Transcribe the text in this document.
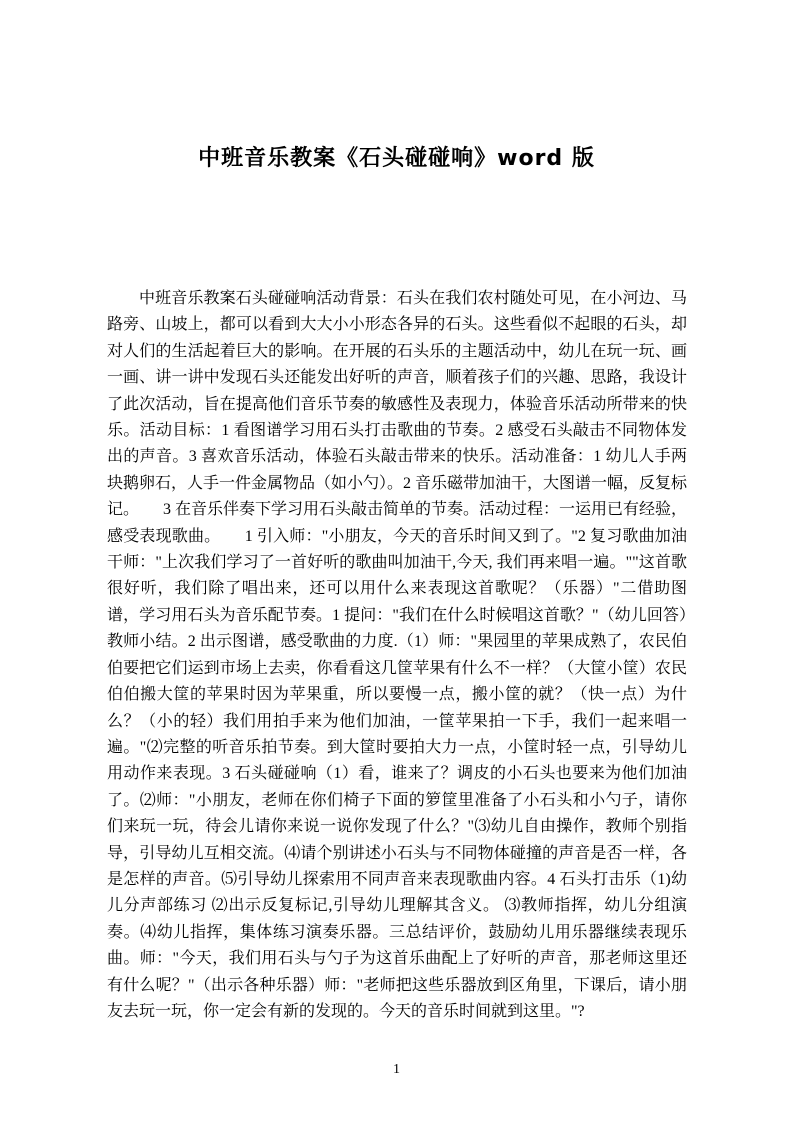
中班音乐教案《石头碰碰响》word 版

中班音乐教案石头碰碰响活动背景：石头在我们农村随处可见，在小河边、马路旁、山坡上，都可以看到大大小小形态各异的石头。这些看似不起眼的石头，却对人们的生活起着巨大的影响。在开展的石头乐的主题活动中，幼儿在玩一玩、画一画、讲一讲中发现石头还能发出好听的声音，顺着孩子们的兴趣、思路，我设计了此次活动，旨在提高他们音乐节奏的敏感性及表现力，体验音乐活动所带来的快乐。活动目标：1 看图谱学习用石头打击歌曲的节奏。2 感受石头敲击不同物体发出的声音。3 喜欢音乐活动，体验石头敲击带来的快乐。活动准备：1 幼儿人手两块鹅卵石，人手一件金属物品（如小勺）。2 音乐磁带加油干，大图谱一幅，反复标记。　　3 在音乐伴奏下学习用石头敲击简单的节奏。活动过程：一运用已有经验，感受表现歌曲。　　1 引入师："小朋友，今天的音乐时间又到了。"2 复习歌曲加油干师："上次我们学习了一首好听的歌曲叫加油干,今天, 我们再来唱一遍。""这首歌很好听，我们除了唱出来，还可以用什么来表现这首歌呢？（乐器）"二借助图谱，学习用石头为音乐配节奏。1 提问："我们在什么时候唱这首歌？"（幼儿回答）教师小结。2 出示图谱，感受歌曲的力度.（1）师："果园里的苹果成熟了，农民伯伯要把它们运到市场上去卖，你看看这几筐苹果有什么不一样？（大筐小筐）农民伯伯搬大筐的苹果时因为苹果重，所以要慢一点，搬小筐的就？（快一点）为什么？（小的轻）我们用拍手来为他们加油，一筐苹果拍一下手，我们一起来唱一遍。"⑵完整的听音乐拍节奏。到大筐时要拍大力一点，小筐时轻一点，引导幼儿用动作来表现。3 石头碰碰响（1）看，谁来了？调皮的小石头也要来为他们加油了。⑵师："小朋友，老师在你们椅子下面的箩筐里准备了小石头和小勺子，请你们来玩一玩，待会儿请你来说一说你发现了什么？"⑶幼儿自由操作，教师个别指导，引导幼儿互相交流。⑷请个别讲述小石头与不同物体碰撞的声音是否一样，各是怎样的声音。⑸引导幼儿探索用不同声音来表现歌曲内容。4 石头打击乐（1)幼儿分声部练习 ⑵出示反复标记,引导幼儿理解其含义。 ⑶教师指挥，幼儿分组演奏。⑷幼儿指挥，集体练习演奏乐器。三总结评价，鼓励幼儿用乐器继续表现乐曲。师："今天，我们用石头与勺子为这首乐曲配上了好听的声音，那老师这里还有什么呢？"（出示各种乐器）师："老师把这些乐器放到区角里，下课后，请小朋友去玩一玩，你一定会有新的发现的。今天的音乐时间就到这里。"?

1
